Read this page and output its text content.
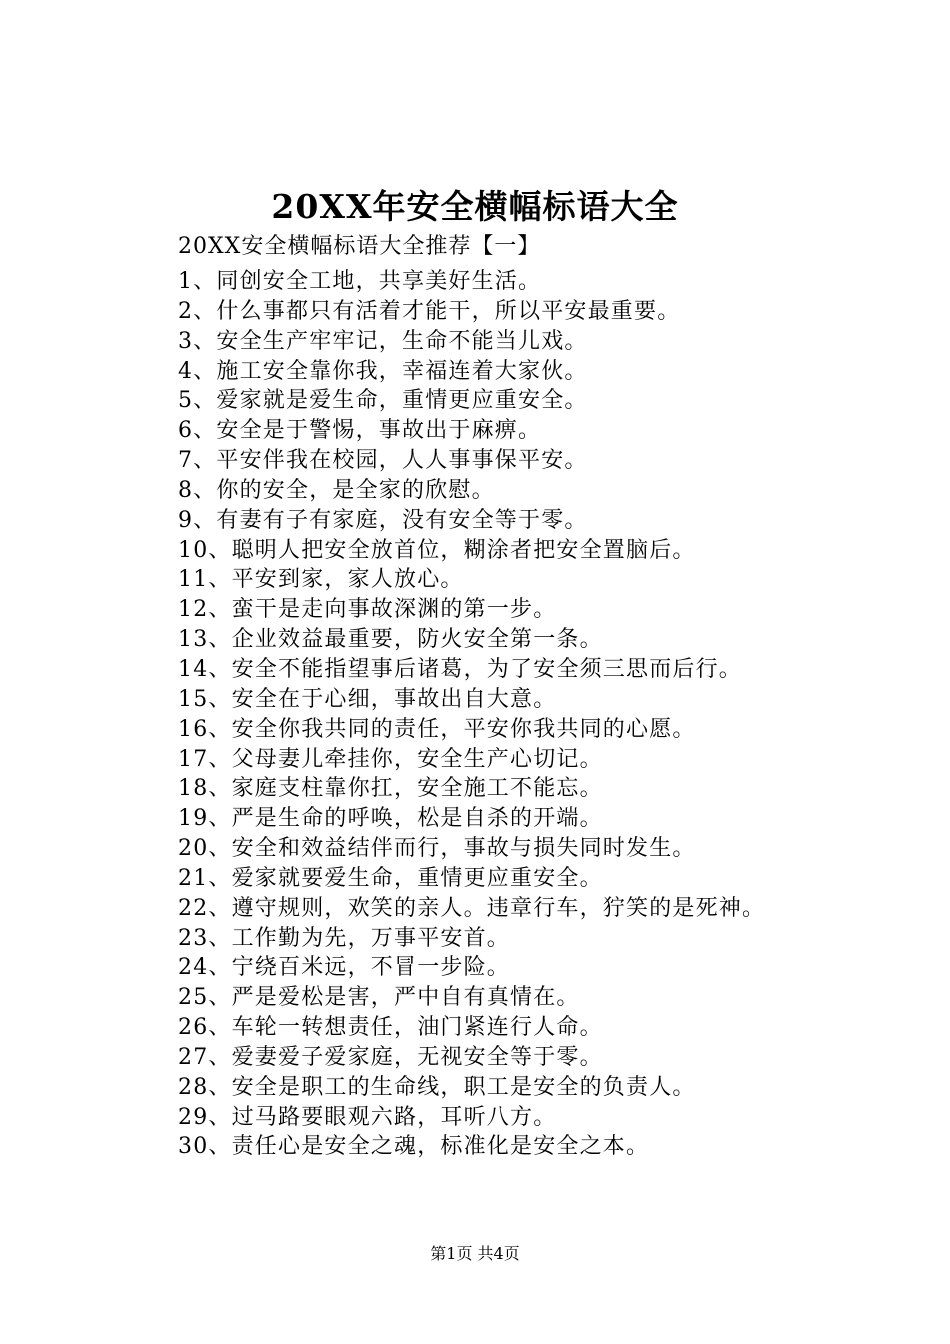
20XX年安全横幅标语大全
20XX安全横幅标语大全推荐【一】
1、同创安全工地，共享美好生活。
2、什么事都只有活着才能干，所以平安最重要。
3、安全生产牢牢记，生命不能当儿戏。
4、施工安全靠你我，幸福连着大家伙。
5、爱家就是爱生命，重情更应重安全。
6、安全是于警惕，事故出于麻痹。
7、平安伴我在校园，人人事事保平安。
8、你的安全，是全家的欣慰。
9、有妻有子有家庭，没有安全等于零。
10、聪明人把安全放首位，糊涂者把安全置脑后。
11、平安到家，家人放心。
12、蛮干是走向事故深渊的第一步。
13、企业效益最重要，防火安全第一条。
14、安全不能指望事后诸葛，为了安全须三思而后行。
15、安全在于心细，事故出自大意。
16、安全你我共同的责任，平安你我共同的心愿。
17、父母妻儿牵挂你，安全生产心切记。
18、家庭支柱靠你扛，安全施工不能忘。
19、严是生命的呼唤，松是自杀的开端。
20、安全和效益结伴而行，事故与损失同时发生。
21、爱家就要爱生命，重情更应重安全。
22、遵守规则，欢笑的亲人。违章行车，狞笑的是死神。
23、工作勤为先，万事平安首。
24、宁绕百米远，不冒一步险。
25、严是爱松是害，严中自有真情在。
26、车轮一转想责任，油门紧连行人命。
27、爱妻爱子爱家庭，无视安全等于零。
28、安全是职工的生命线，职工是安全的负责人。
29、过马路要眼观六路，耳听八方。
30、责任心是安全之魂，标准化是安全之本。
第1页 共4页
